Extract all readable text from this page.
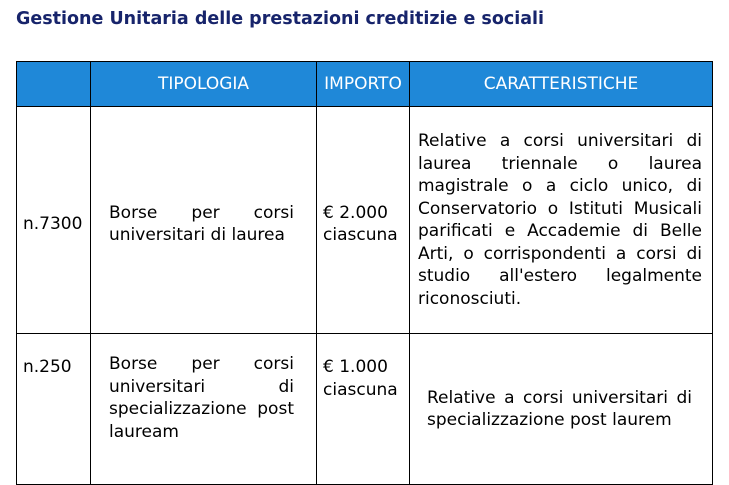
Gestione Unitaria delle prestazioni creditizie e sociali
	TIPOLOGIA	IMPORTO	CARATTERISTICHE
n.7300	Borse per corsi universitari di laurea	€ 2.000 ciascuna	Relative a corsi universitari di laurea triennale o laurea magistrale o a ciclo unico, di Conservatorio o Istituti Musicali parificati e Accademie di Belle Arti, o corrispondenti a corsi di studio all'estero legalmente riconosciuti.
n.250	Borse per corsi universitari di specializzazione post lauream	€ 1.000 ciascuna	Relative a corsi universitari di specializzazione post laurem
